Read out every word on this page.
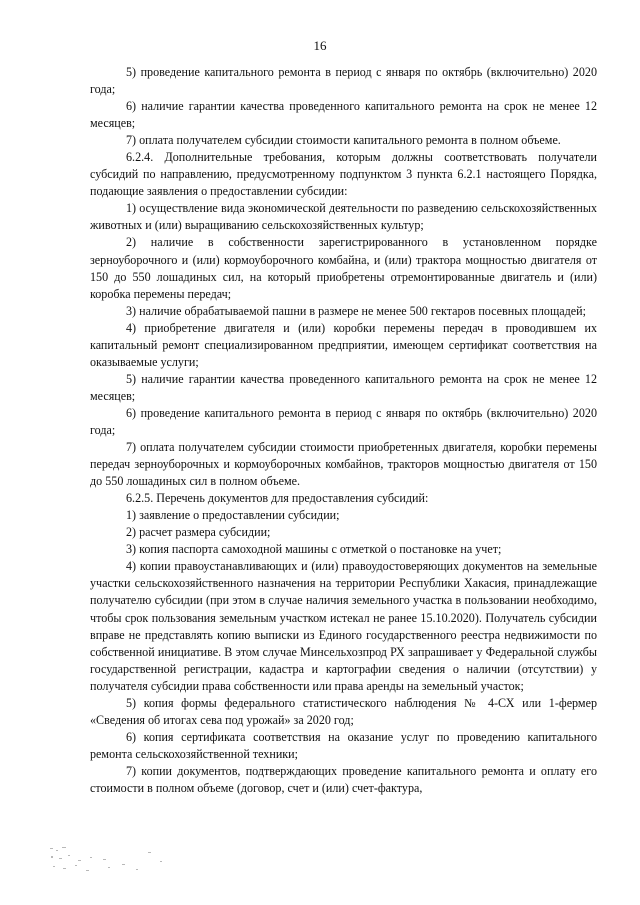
16

5) проведение капитального ремонта в период с января по октябрь (включительно) 2020 года;

6) наличие гарантии качества проведенного капитального ремонта на срок не менее 12 месяцев;

7) оплата получателем субсидии стоимости капитального ремонта в полном объеме.

6.2.4. Дополнительные требования, которым должны соответствовать получатели субсидий по направлению, предусмотренному подпунктом 3 пункта 6.2.1 настоящего Порядка, подающие заявления о предоставлении субсидии:

1) осуществление вида экономической деятельности по разведению сельскохозяйственных животных и (или) выращиванию сельскохозяйственных культур;

2) наличие в собственности зарегистрированного в установленном порядке зерноуборочного и (или) кормоуборочного комбайна, и (или) трактора мощностью двигателя от 150 до 550 лошадиных сил, на который приобретены отремонтированные двигатель и (или) коробка перемены передач;

3) наличие обрабатываемой пашни в размере не менее 500 гектаров посевных площадей;

4) приобретение двигателя и (или) коробки перемены передач в проводившем их капитальный ремонт специализированном предприятии, имеющем сертификат соответствия на оказываемые услуги;

5) наличие гарантии качества проведенного капитального ремонта на срок не менее 12 месяцев;

6) проведение капитального ремонта в период с января по октябрь (включительно) 2020 года;

7) оплата получателем субсидии стоимости приобретенных двигателя, коробки перемены передач зерноуборочных и кормоуборочных комбайнов, тракторов мощностью двигателя от 150 до 550 лошадиных сил в полном объеме.

6.2.5. Перечень документов для предоставления субсидий:

1) заявление о предоставлении субсидии;

2) расчет размера субсидии;

3) копия паспорта самоходной машины с отметкой о постановке на учет;

4) копии правоустанавливающих и (или) правоудостоверяющих документов на земельные участки сельскохозяйственного назначения на территории Республики Хакасия, принадлежащие получателю субсидии (при этом в случае наличия земельного участка в пользовании необходимо, чтобы срок пользования земельным участком истекал не ранее 15.10.2020). Получатель субсидии вправе не представлять копию выписки из Единого государственного реестра недвижимости по собственной инициативе. В этом случае Минсельхозпрод РХ запрашивает у Федеральной службы государственной регистрации, кадастра и картографии сведения о наличии (отсутствии) у получателя субсидии права собственности или права аренды на земельный участок;

5) копия формы федерального статистического наблюдения № 4-СХ или 1-фермер «Сведения об итогах сева под урожай» за 2020 год;

6) копия сертификата соответствия на оказание услуг по проведению капитального ремонта сельскохозяйственной техники;

7) копии документов, подтверждающих проведение капитального ремонта и оплату его стоимости в полном объеме (договор, счет и (или) счет-фактура,
